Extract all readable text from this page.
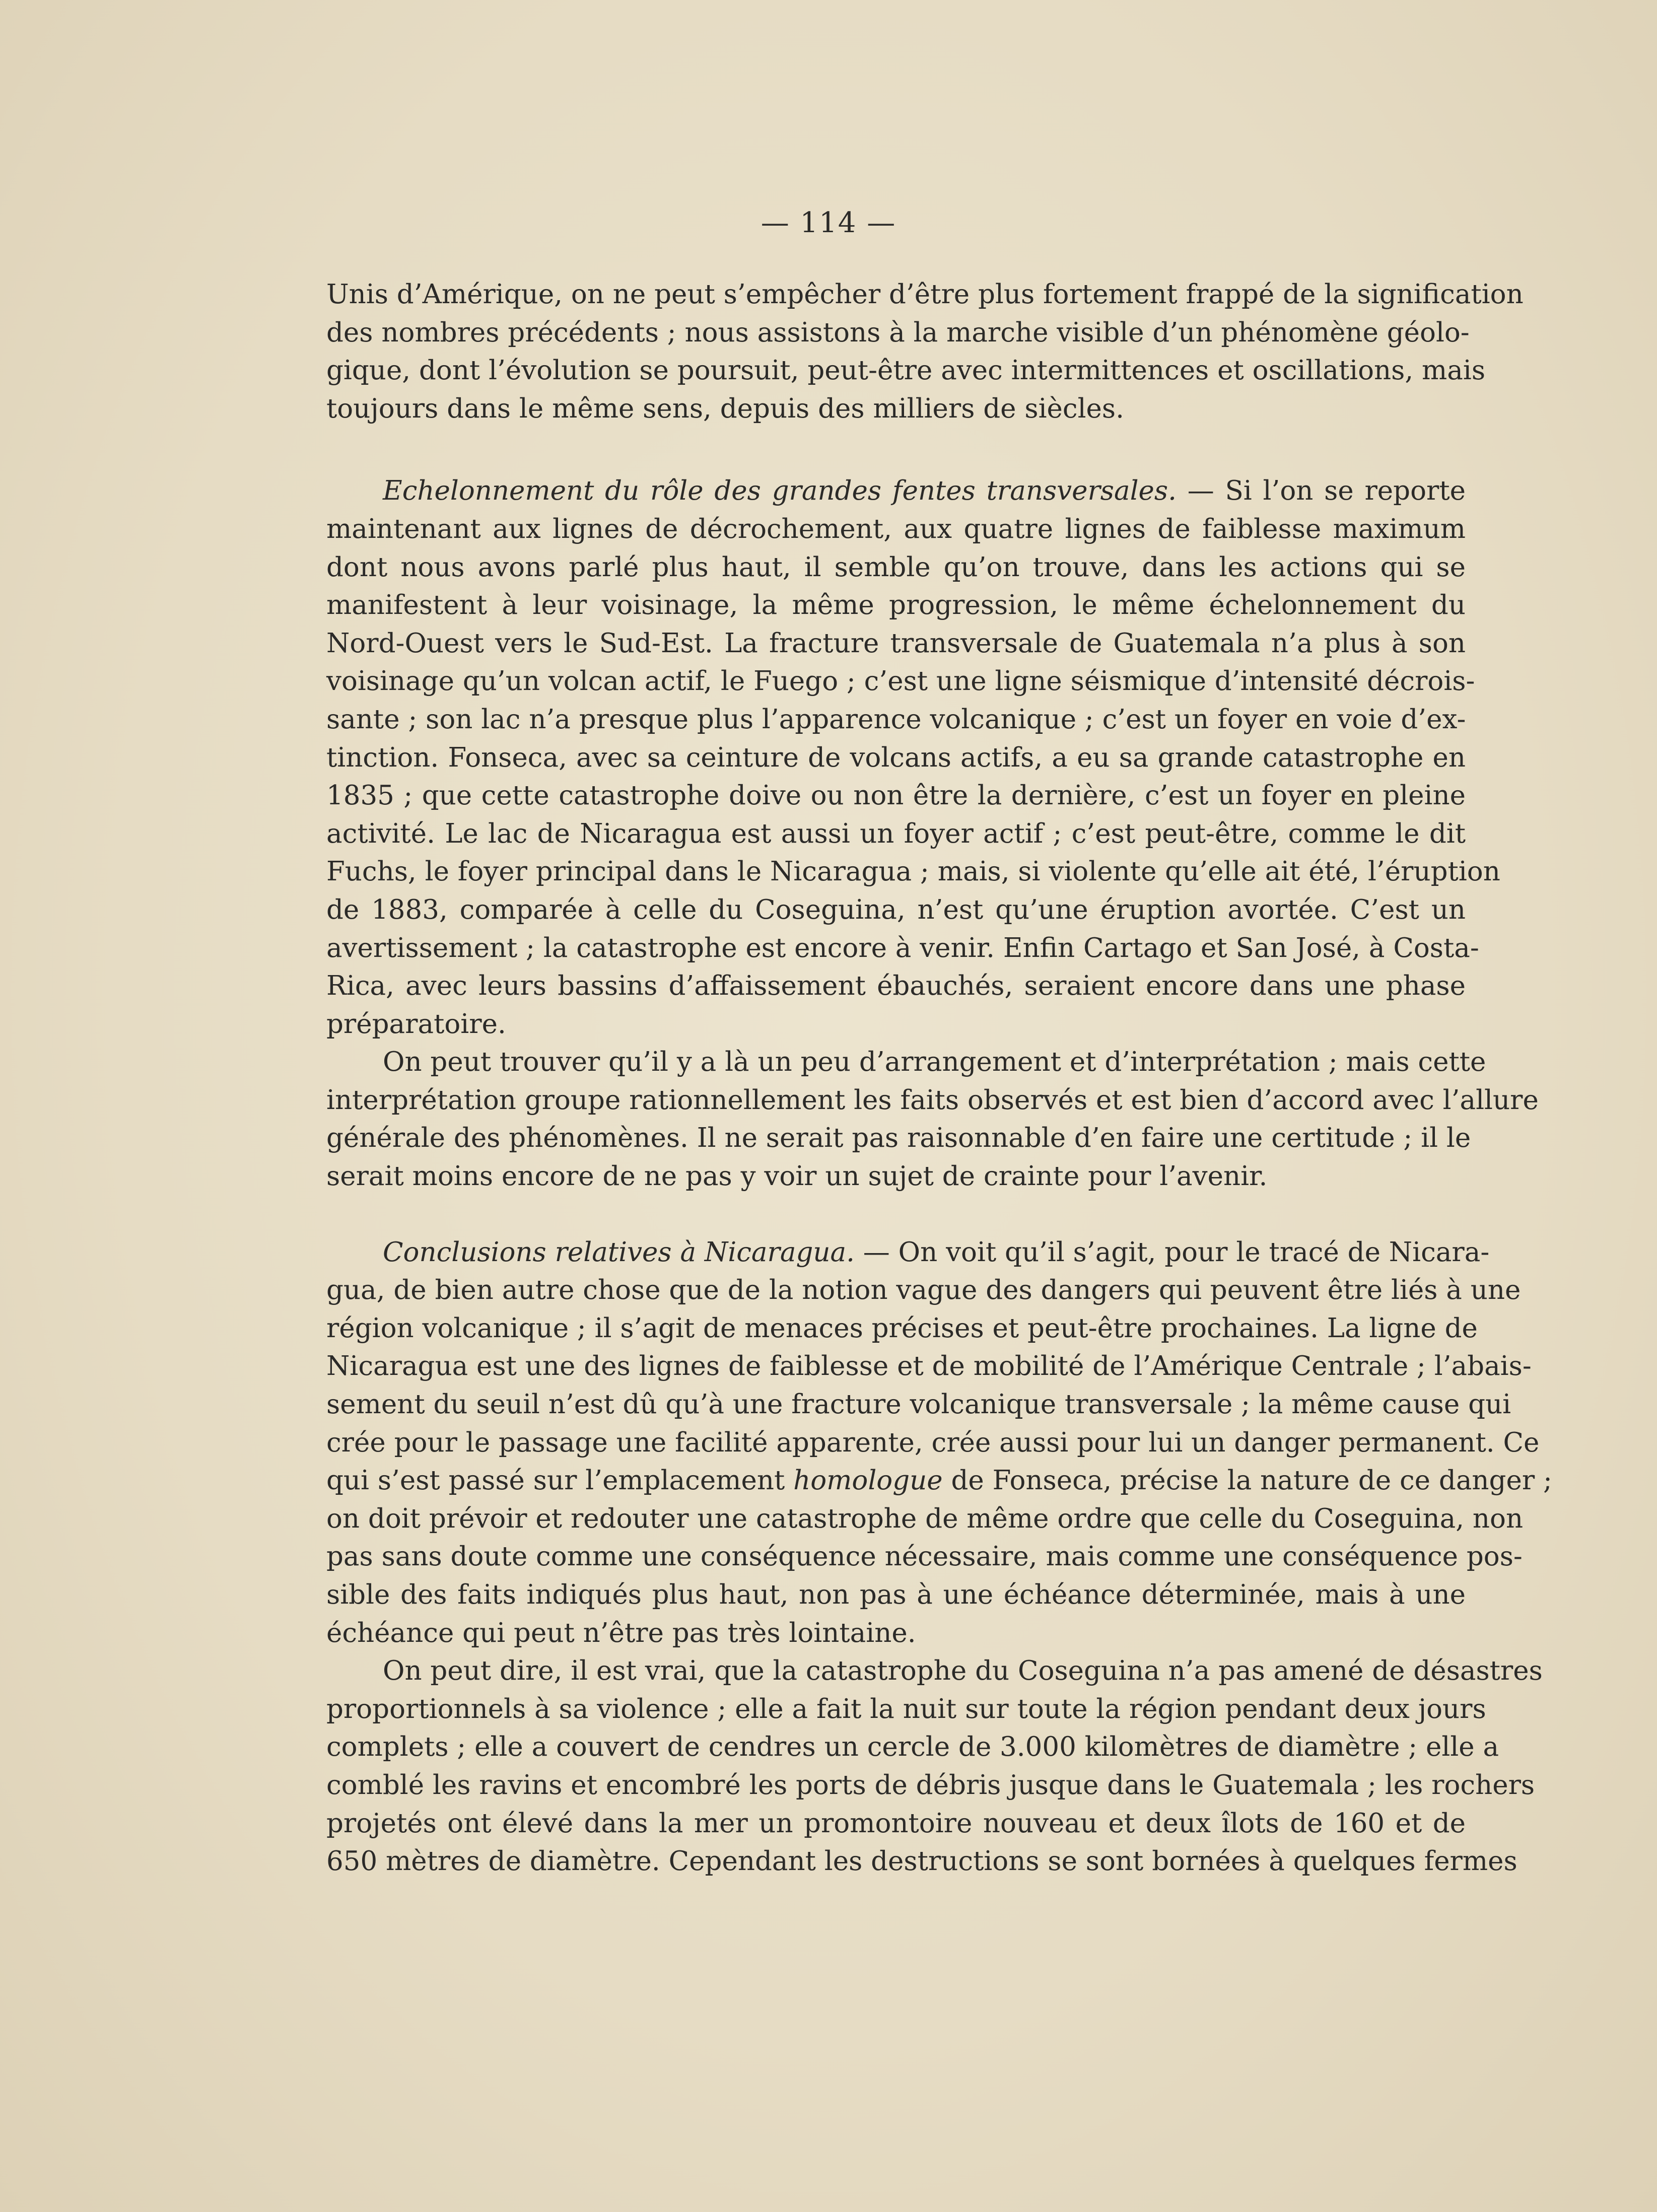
— 114 —
Unis d’Amérique, on ne peut s’empêcher d’être plus fortement frappé de la signification
des nombres précédents ; nous assistons à la marche visible d’un phénomène géolo-
gique, dont l’évolution se poursuit, peut-être avec intermittences et oscillations, mais
toujours dans le même sens, depuis des milliers de siècles.
Echelonnement du rôle des grandes fentes transversales. — Si l’on se reporte
maintenant aux lignes de décrochement, aux quatre lignes de faiblesse maximum
dont nous avons parlé plus haut, il semble qu’on trouve, dans les actions qui se
manifestent à leur voisinage, la même progression, le même échelonnement du
Nord-Ouest vers le Sud-Est. La fracture transversale de Guatemala n’a plus à son
voisinage qu’un volcan actif, le Fuego ; c’est une ligne séismique d’intensité décrois-
sante ; son lac n’a presque plus l’apparence volcanique ; c’est un foyer en voie d’ex-
tinction. Fonseca, avec sa ceinture de volcans actifs, a eu sa grande catastrophe en
1835 ; que cette catastrophe doive ou non être la dernière, c’est un foyer en pleine
activité. Le lac de Nicaragua est aussi un foyer actif ; c’est peut-être, comme le dit
Fuchs, le foyer principal dans le Nicaragua ; mais, si violente qu’elle ait été, l’éruption
de 1883, comparée à celle du Coseguina, n’est qu’une éruption avortée. C’est un
avertissement ; la catastrophe est encore à venir. Enfin Cartago et San José, à Costa-
Rica, avec leurs bassins d’affaissement ébauchés, seraient encore dans une phase
préparatoire.
On peut trouver qu’il y a là un peu d’arrangement et d’interprétation ; mais cette
interprétation groupe rationnellement les faits observés et est bien d’accord avec l’allure
générale des phénomènes. Il ne serait pas raisonnable d’en faire une certitude ; il le
serait moins encore de ne pas y voir un sujet de crainte pour l’avenir.
Conclusions relatives à Nicaragua. — On voit qu’il s’agit, pour le tracé de Nicara-
gua, de bien autre chose que de la notion vague des dangers qui peuvent être liés à une
région volcanique ; il s’agit de menaces précises et peut-être prochaines. La ligne de
Nicaragua est une des lignes de faiblesse et de mobilité de l’Amérique Centrale ; l’abais-
sement du seuil n’est dû qu’à une fracture volcanique transversale ; la même cause qui
crée pour le passage une facilité apparente, crée aussi pour lui un danger permanent. Ce
qui s’est passé sur l’emplacement homologue de Fonseca, précise la nature de ce danger ;
on doit prévoir et redouter une catastrophe de même ordre que celle du Coseguina, non
pas sans doute comme une conséquence nécessaire, mais comme une conséquence pos-
sible des faits indiqués plus haut, non pas à une échéance déterminée, mais à une
échéance qui peut n’être pas très lointaine.
On peut dire, il est vrai, que la catastrophe du Coseguina n’a pas amené de désastres
proportionnels à sa violence ; elle a fait la nuit sur toute la région pendant deux jours
complets ; elle a couvert de cendres un cercle de 3.000 kilomètres de diamètre ; elle a
comblé les ravins et encombré les ports de débris jusque dans le Guatemala ; les rochers
projetés ont élevé dans la mer un promontoire nouveau et deux îlots de 160 et de
650 mètres de diamètre. Cependant les destructions se sont bornées à quelques fermes
